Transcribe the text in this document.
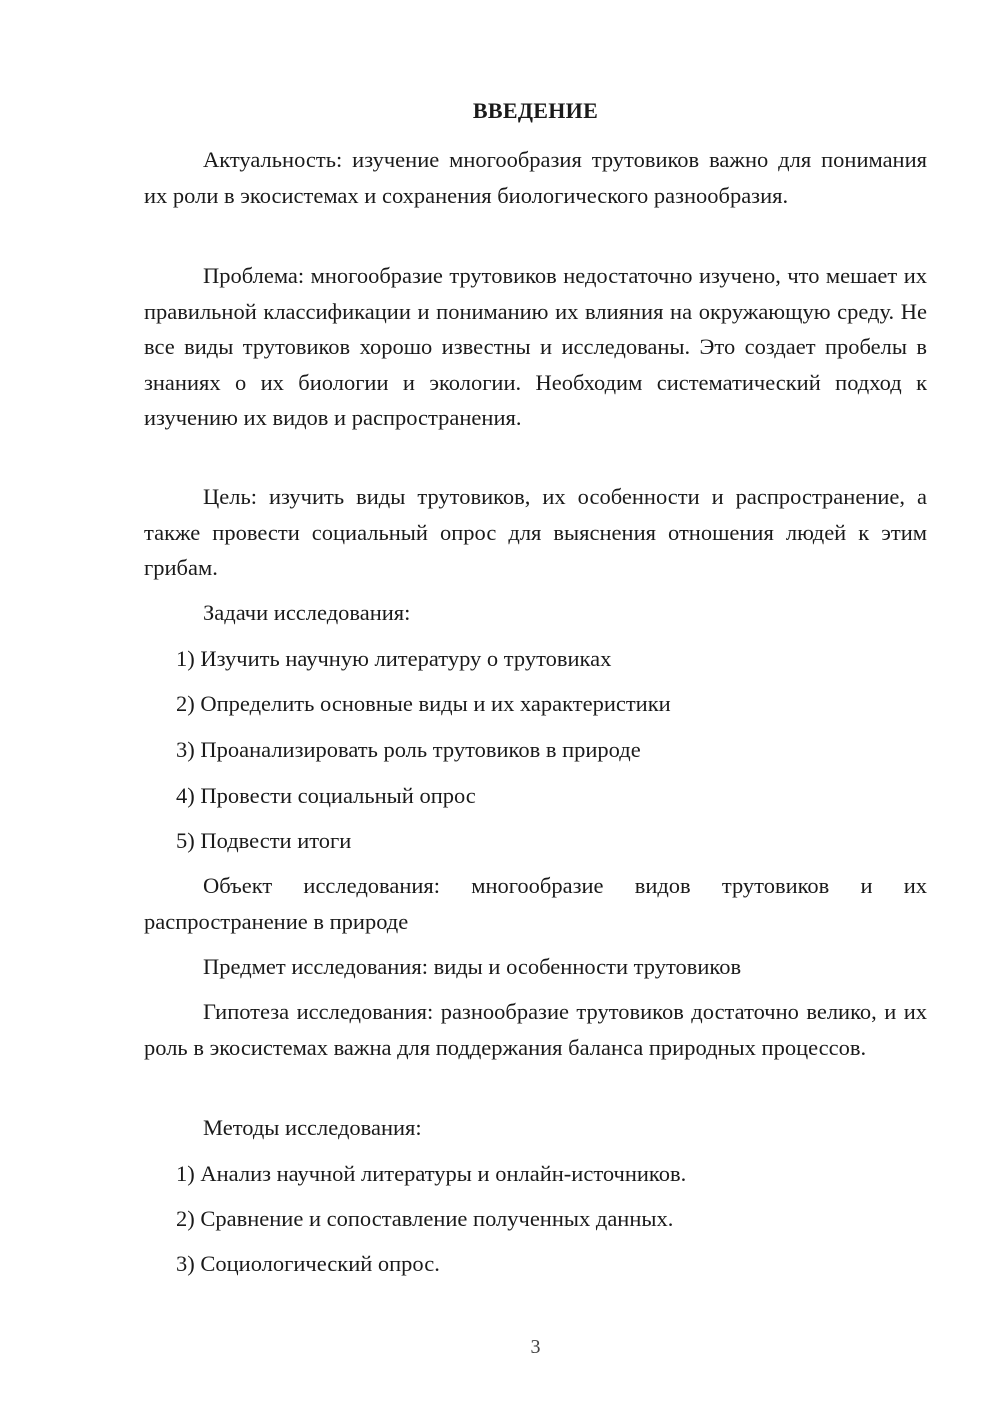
ВВЕДЕНИЕ

Актуальность: изучение многообразия трутовиков важно для понимания их роли в экосистемах и сохранения биологического разнообразия.

Проблема: многообразие трутовиков недостаточно изучено, что мешает их правильной классификации и пониманию их влияния на окружающую среду. Не все виды трутовиков хорошо известны и исследованы. Это создает пробелы в знаниях о их биологии и экологии. Необходим систематический подход к изучению их видов и распространения.

Цель: изучить виды трутовиков, их особенности и распространение, а также провести социальный опрос для выяснения отношения людей к этим грибам.

Задачи исследования:

1) Изучить научную литературу о трутовиках

2) Определить основные виды и их характеристики

3) Проанализировать роль трутовиков в природе

4) Провести социальный опрос

5) Подвести итоги

Объект исследования: многообразие видов трутовиков и их распространение в природе

Предмет исследования: виды и особенности трутовиков

Гипотеза исследования: разнообразие трутовиков достаточно велико, и их роль в экосистемах важна для поддержания баланса природных процессов.

Методы исследования:

1) Анализ научной литературы и онлайн-источников.

2) Сравнение и сопоставление полученных данных.

3) Социологический опрос.

3
